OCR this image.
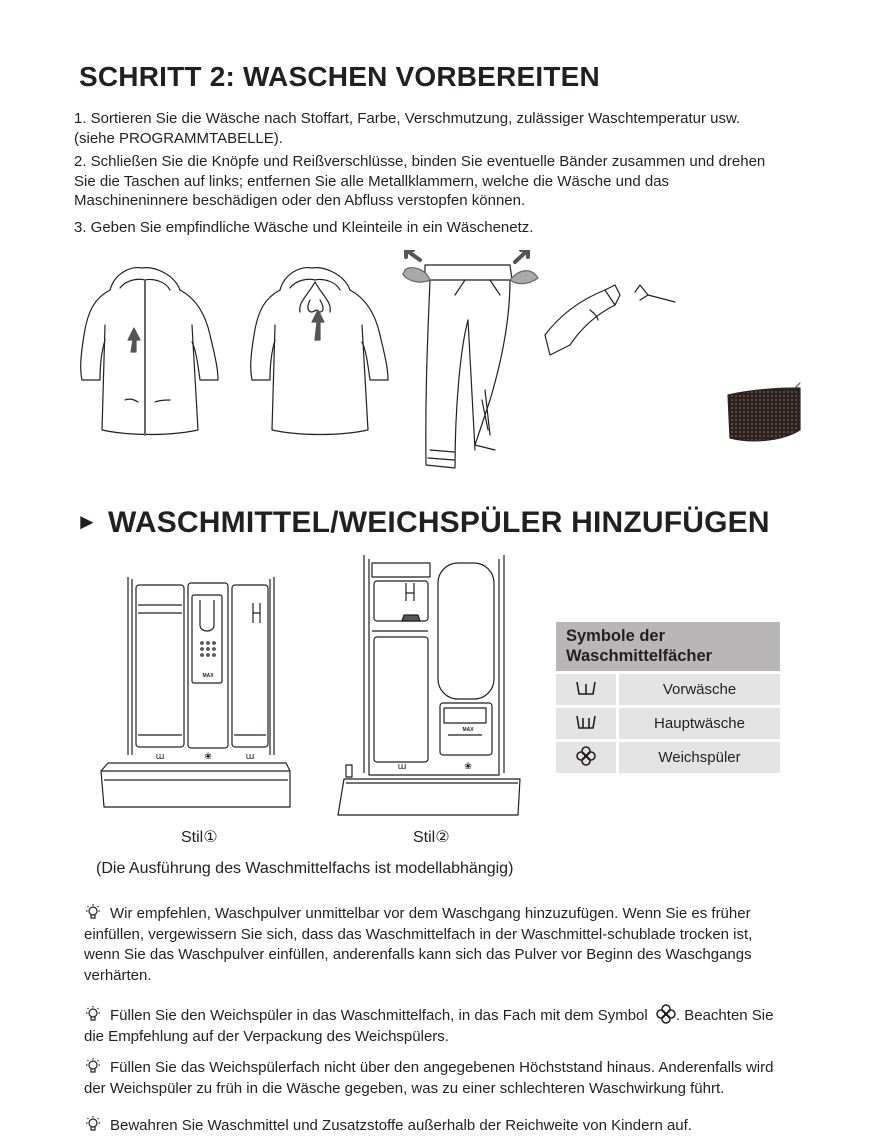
SCHRITT 2: WASCHEN VORBEREITEN
1. Sortieren Sie die Wäsche nach Stoffart, Farbe, Verschmutzung, zulässiger Waschtemperatur usw. (siehe PROGRAMMTABELLE).
2. Schließen Sie die Knöpfe und Reißverschlüsse, binden Sie eventuelle Bänder zusammen und drehen Sie die Taschen auf links; entfernen Sie alle Metallklammern, welche die Wäsche und das Maschineninnere beschädigen oder den Abfluss verstopfen können.
3. Geben Sie empfindliche Wäsche und Kleinteile in ein Wäschenetz.
► WASCHMITTEL/WEICHSPÜLER HINZUFÜGEN
MAX
ɯ	❀	ɯ
MAX
ɯ	❀
Stil①	Stil②
(Die Ausführung des Waschmittelfachs ist modellabhängig)
Symbole der Waschmittelfächer	
	Vorwäsche
	Hauptwäsche
	Weichspüler
Wir empfehlen, Waschpulver unmittelbar vor dem Waschgang hinzuzufügen. Wenn Sie es früher einfüllen, vergewissern Sie sich, dass das Waschmittelfach in der Waschmittel-schublade trocken ist, wenn Sie das Waschpulver einfüllen, anderenfalls kann sich das Pulver vor Beginn des Waschgangs verhärten.
Füllen Sie den Weichspüler in das Waschmittelfach, in das Fach mit dem Symbol . Beachten Sie die Empfehlung auf der Verpackung des Weichspülers.
Füllen Sie das Weichspülerfach nicht über den angegebenen Höchststand hinaus. Anderenfalls wird der Weichspüler zu früh in die Wäsche gegeben, was zu einer schlechteren Waschwirkung führt.
Bewahren Sie Waschmittel und Zusatzstoffe außerhalb der Reichweite von Kindern auf.
